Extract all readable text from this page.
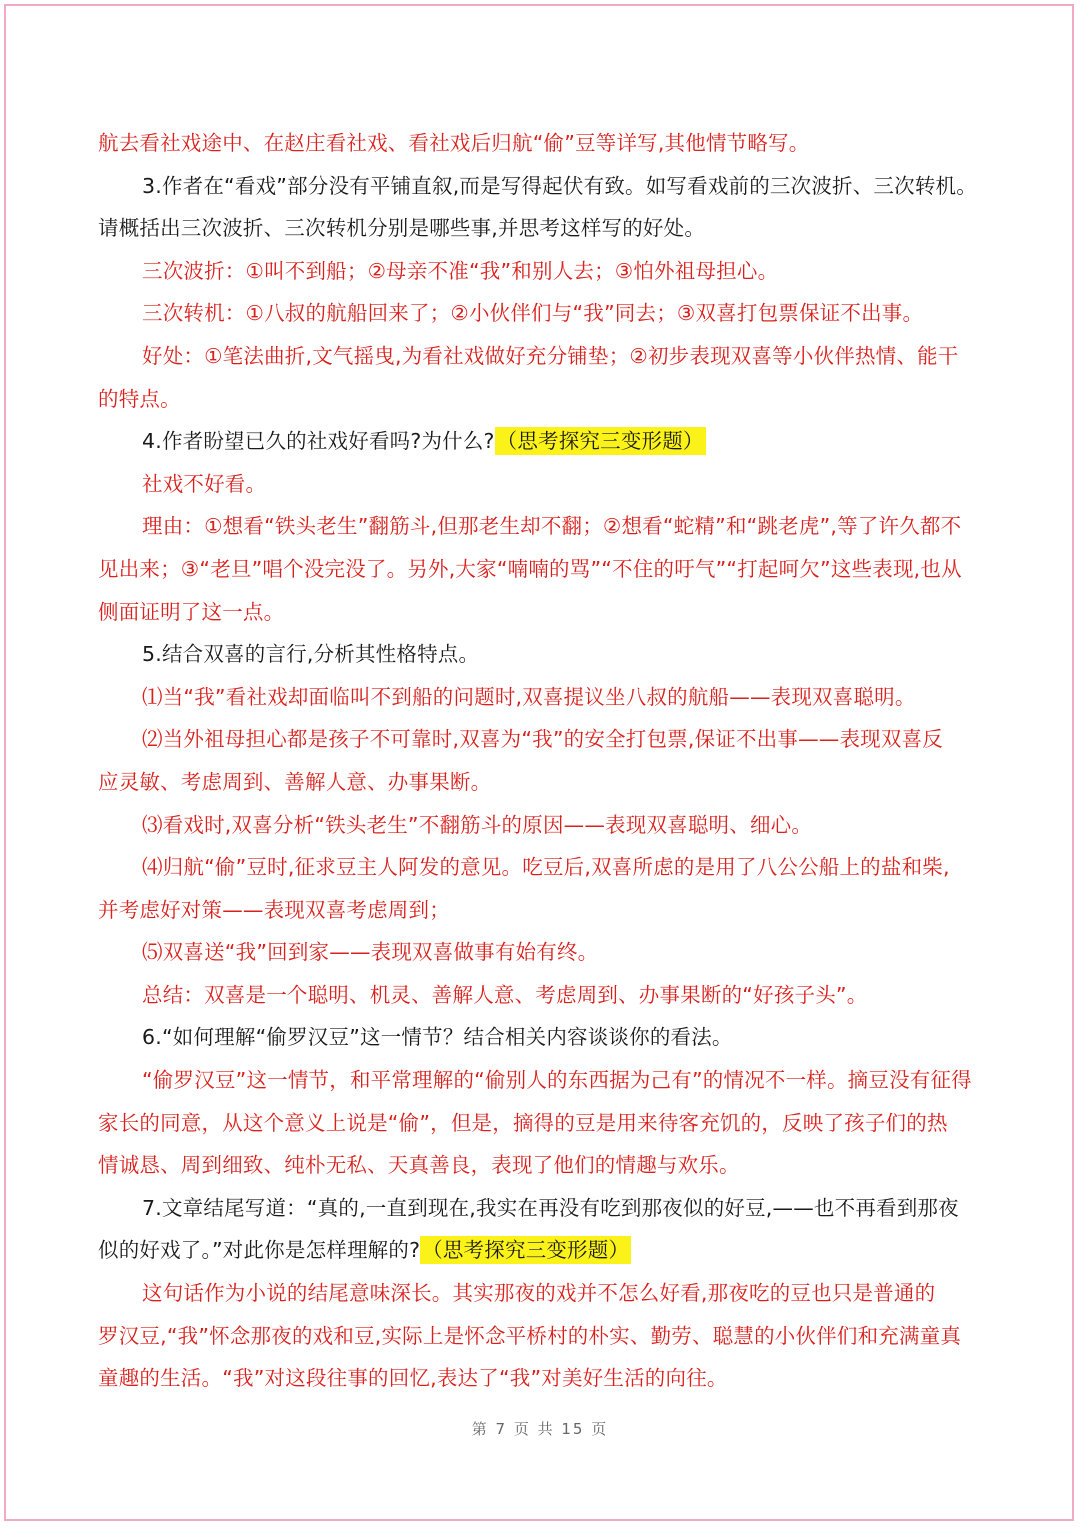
航去看社戏途中、在赵庄看社戏、看社戏后归航“偷”豆等详写,其他情节略写。
3.作者在“看戏”部分没有平铺直叙,而是写得起伏有致。如写看戏前的三次波折、三次转机。
请概括出三次波折、三次转机分别是哪些事,并思考这样写的好处。
三次波折：①叫不到船；②母亲不准“我”和别人去；③怕外祖母担心。
三次转机：①八叔的航船回来了；②小伙伴们与“我”同去；③双喜打包票保证不出事。
好处：①笔法曲折,文气摇曳,为看社戏做好充分铺垫；②初步表现双喜等小伙伴热情、能干
的特点。
4.作者盼望已久的社戏好看吗?为什么?（思考探究三变形题）
社戏不好看。
理由：①想看“铁头老生”翻筋斗,但那老生却不翻；②想看“蛇精”和“跳老虎”,等了许久都不
见出来；③“老旦”唱个没完没了。另外,大家“喃喃的骂”“不住的吁气”“打起呵欠”这些表现,也从
侧面证明了这一点。
5.结合双喜的言行,分析其性格特点。
⑴当“我”看社戏却面临叫不到船的问题时,双喜提议坐八叔的航船——表现双喜聪明。
⑵当外祖母担心都是孩子不可靠时,双喜为“我”的安全打包票,保证不出事——表现双喜反
应灵敏、考虑周到、善解人意、办事果断。
⑶看戏时,双喜分析“铁头老生”不翻筋斗的原因——表现双喜聪明、细心。
⑷归航“偷”豆时,征求豆主人阿发的意见。吃豆后,双喜所虑的是用了八公公船上的盐和柴,
并考虑好对策——表现双喜考虑周到；
⑸双喜送“我”回到家——表现双喜做事有始有终。
总结：双喜是一个聪明、机灵、善解人意、考虑周到、办事果断的“好孩子头”。
6.“如何理解“偷罗汉豆”这一情节？结合相关内容谈谈你的看法。
“偷罗汉豆”这一情节，和平常理解的“偷别人的东西据为己有”的情况不一样。摘豆没有征得
家长的同意，从这个意义上说是“偷”，但是，摘得的豆是用来待客充饥的，反映了孩子们的热
情诚恳、周到细致、纯朴无私、天真善良，表现了他们的情趣与欢乐。
7.文章结尾写道：“真的,一直到现在,我实在再没有吃到那夜似的好豆,——也不再看到那夜
似的好戏了。”对此你是怎样理解的?（思考探究三变形题）
这句话作为小说的结尾意味深长。其实那夜的戏并不怎么好看,那夜吃的豆也只是普通的
罗汉豆,“我”怀念那夜的戏和豆,实际上是怀念平桥村的朴实、勤劳、聪慧的小伙伴们和充满童真
童趣的生活。“我”对这段往事的回忆,表达了“我”对美好生活的向往。
第 7 页 共 15 页
